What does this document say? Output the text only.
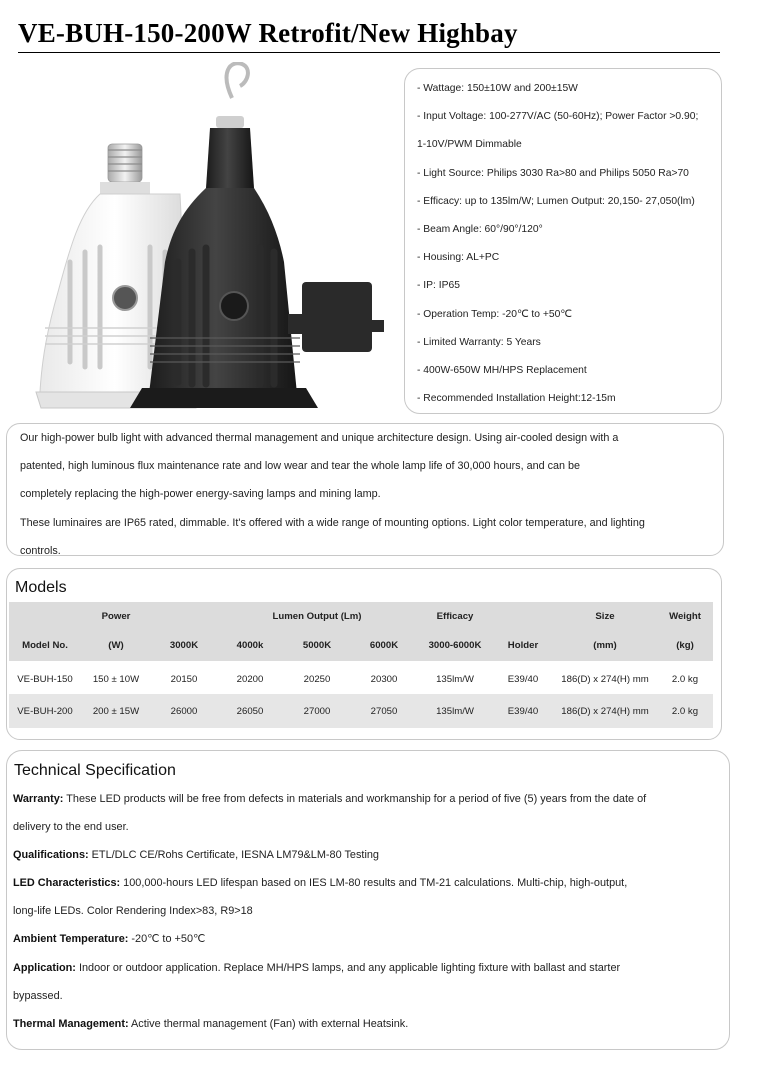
VE-BUH-150-200W Retrofit/New Highbay
- Wattage: 150±10W and 200±15W
- Input Voltage: 100-277V/AC (50-60Hz); Power Factor >0.90;
1-10V/PWM Dimmable
- Light Source: Philips 3030 Ra>80 and Philips 5050 Ra>70
- Efficacy: up to 135lm/W; Lumen Output: 20,150- 27,050(lm)
- Beam Angle: 60°/90°/120°
- Housing: AL+PC
- IP: IP65
- Operation Temp: -20℃ to +50℃
- Limited Warranty: 5 Years
- 400W-650W MH/HPS Replacement
- Recommended Installation Height:12-15m
Our high-power bulb light with advanced thermal management and unique architecture design. Using air-cooled design with a
patented, high luminous flux maintenance rate and low wear and tear the whole lamp life of 30,000 hours, and can be
completely replacing the high-power energy-saving lamps and mining lamp.
These luminaires are IP65 rated, dimmable. It's offered with a wide range of mounting options. Light color temperature, and lighting
controls.
Models
	Power		Lumen Output (Lm)			Efficacy		Size	Weight
Model No.	(W)	3000K	4000k	5000K	6000K	3000-6000K	Holder	(mm)	(kg)

VE-BUH-150	150 ± 10W	20150	20200	20250	20300	135lm/W	E39/40	186(D) x 274(H) mm	2.0 kg
VE-BUH-200	200 ± 15W	26000	26050	27000	27050	135lm/W	E39/40	186(D) x 274(H) mm	2.0 kg
Technical Specification
Warranty: These LED products will be free from defects in materials and workmanship for a period of five (5) years from the date of
delivery to the end user.
Qualifications: ETL/DLC CE/Rohs Certificate, IESNA LM79&LM-80 Testing
LED Characteristics: 100,000-hours LED lifespan based on IES LM-80 results and TM-21 calculations. Multi-chip, high-output,
long-life LEDs. Color Rendering Index>83, R9>18
Ambient Temperature: -20℃ to +50℃
Application: Indoor or outdoor application. Replace MH/HPS lamps, and any applicable lighting fixture with ballast and starter
bypassed.
Thermal Management: Active thermal management (Fan) with external Heatsink.
